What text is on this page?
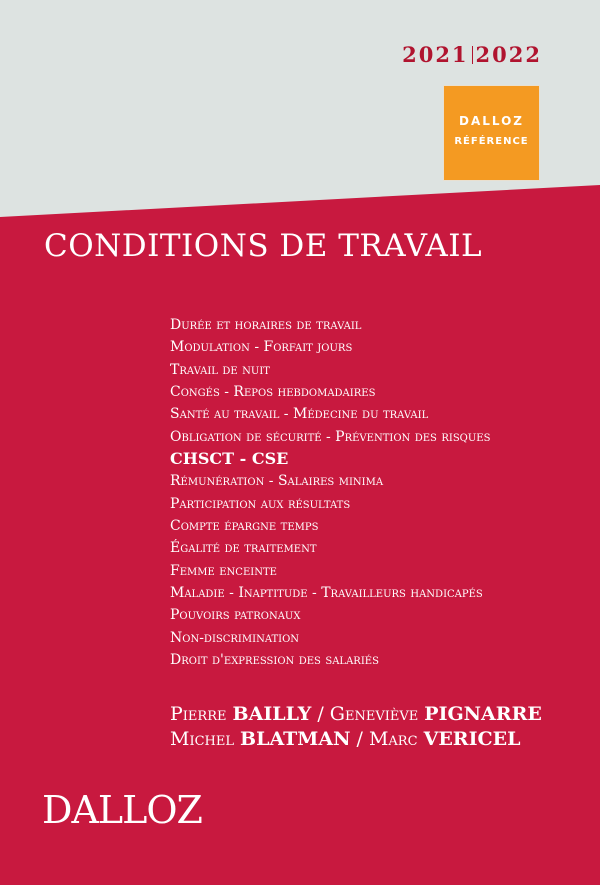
2021 2022
DALLOZ
RÉFÉRENCE
CONDITIONS DE TRAVAIL
Durée et horaires de travail
Modulation - Forfait jours
Travail de nuit
Congés - Repos hebdomadaires
Santé au travail - Médecine du travail
Obligation de sécurité - Prévention des risques
CHSCT - CSE
Rémunération - Salaires minima
Participation aux résultats
Compte épargne temps
Égalité de traitement
Femme enceinte
Maladie - Inaptitude - Travailleurs handicapés
Pouvoirs patronaux
Non-discrimination
Droit d'expression des salariés
Pierre BAILLY / Geneviève PIGNARRE
Michel BLATMAN / Marc VERICEL
DALLOZ
